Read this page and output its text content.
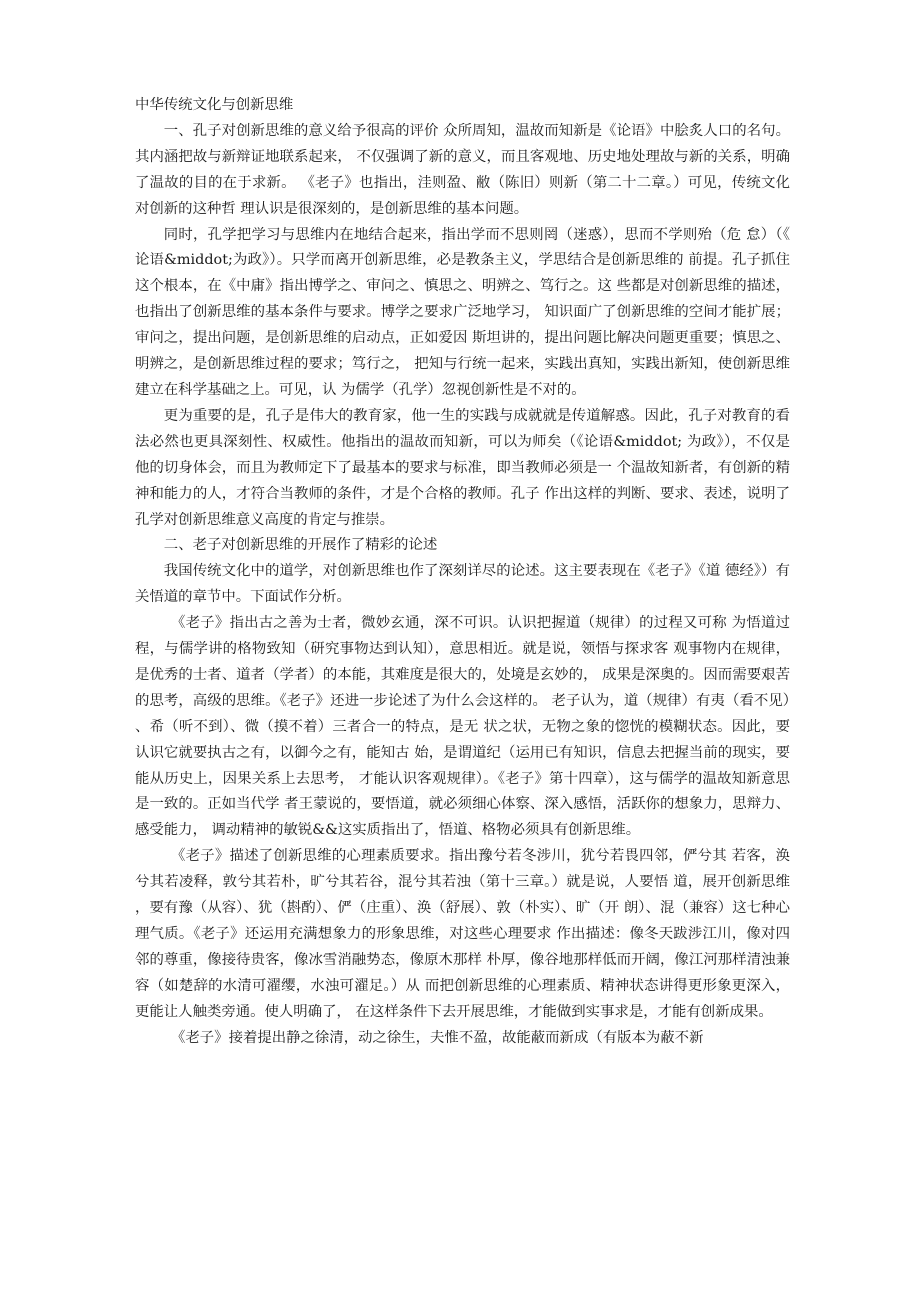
中华传统文化与创新思维

一、孔子对创新思维的意义给予很高的评价 众所周知，温故而知新是《论语》中脍炙人口的名句。其内涵把故与新辩证地联系起来， 不仅强调了新的意义，而且客观地、历史地处理故与新的关系，明确了温故的目的在于求新。 《老子》也指出，洼则盈、敝（陈旧）则新（第二十二章。）可见，传统文化对创新的这种哲 理认识是很深刻的，是创新思维的基本问题。

同时，孔学把学习与思维内在地结合起来，指出学而不思则罔（迷惑），思而不学则殆（危 怠）（《论语&middot;为政》）。只学而离开创新思维，必是教条主义，学思结合是创新思维的 前提。孔子抓住这个根本，在《中庸》指出博学之、审问之、慎思之、明辨之、笃行之。这 些都是对创新思维的描述，也指出了创新思维的基本条件与要求。博学之要求广泛地学习， 知识面广了创新思维的空间才能扩展；审问之，提出问题，是创新思维的启动点，正如爱因 斯坦讲的，提出问题比解决问题更重要；慎思之、明辨之，是创新思维过程的要求；笃行之， 把知与行统一起来，实践出真知，实践出新知，使创新思维建立在科学基础之上。可见，认 为儒学（孔学）忽视创新性是不对的。

更为重要的是，孔子是伟大的教育家，他一生的实践与成就就是传道解惑。因此，孔子对教育的看法必然也更具深刻性、权威性。他指出的温故而知新，可以为师矣（《论语&middot; 为政》），不仅是他的切身体会，而且为教师定下了最基本的要求与标准，即当教师必须是一 个温故知新者，有创新的精神和能力的人，才符合当教师的条件，才是个合格的教师。孔子 作出这样的判断、要求、表述，说明了孔学对创新思维意义高度的肯定与推崇。

二、老子对创新思维的开展作了精彩的论述

我国传统文化中的道学，对创新思维也作了深刻详尽的论述。这主要表现在《老子》《道 德经》）有关悟道的章节中。下面试作分析。

《老子》指出古之善为士者，微妙玄通，深不可识。认识把握道（规律）的过程又可称 为悟道过程，与儒学讲的格物致知（研究事物达到认知），意思相近。就是说，领悟与探求客 观事物内在规律，是优秀的士者、道者（学者）的本能，其难度是很大的，处境是玄妙的， 成果是深奥的。因而需要艰苦的思考，高级的思维。《老子》还进一步论述了为什么会这样的。 老子认为，道（规律）有夷（看不见）、希（听不到）、微（摸不着）三者合一的特点，是无 状之状，无物之象的惚恍的模糊状态。因此，要认识它就要执古之有，以御今之有，能知古 始，是谓道纪（运用已有知识，信息去把握当前的现实，要能从历史上，因果关系上去思考， 才能认识客观规律）。《老子》第十四章），这与儒学的温故知新意思是一致的。正如当代学 者王蒙说的，要悟道，就必须细心体察、深入感悟，活跃你的想象力，思辩力、感受能力， 调动精神的敏锐&&这实质指出了，悟道、格物必须具有创新思维。

《老子》描述了创新思维的心理素质要求。指出豫兮若冬涉川，犹兮若畏四邻，俨兮其 若客，涣兮其若凌释，敦兮其若朴，旷兮其若谷，混兮其若浊（第十三章。）就是说，人要悟 道，展开创新思维，要有豫（从容）、犹（斟酌）、俨（庄重）、涣（舒展）、敦（朴实）、旷（开 朗）、混（兼容）这七种心理气质。《老子》还运用充满想象力的形象思维，对这些心理要求 作出描述：像冬天跋涉江川，像对四邻的尊重，像接待贵客，像冰雪消融势态，像原木那样 朴厚，像谷地那样低而开阔，像江河那样清浊兼容（如楚辞的水清可濯缨，水浊可濯足。）从 而把创新思维的心理素质、精神状态讲得更形象更深入，更能让人触类旁通。使人明确了， 在这样条件下去开展思维，才能做到实事求是，才能有创新成果。

《老子》接着提出静之徐清，动之徐生，夫惟不盈，故能蔽而新成（有版本为蔽不新
